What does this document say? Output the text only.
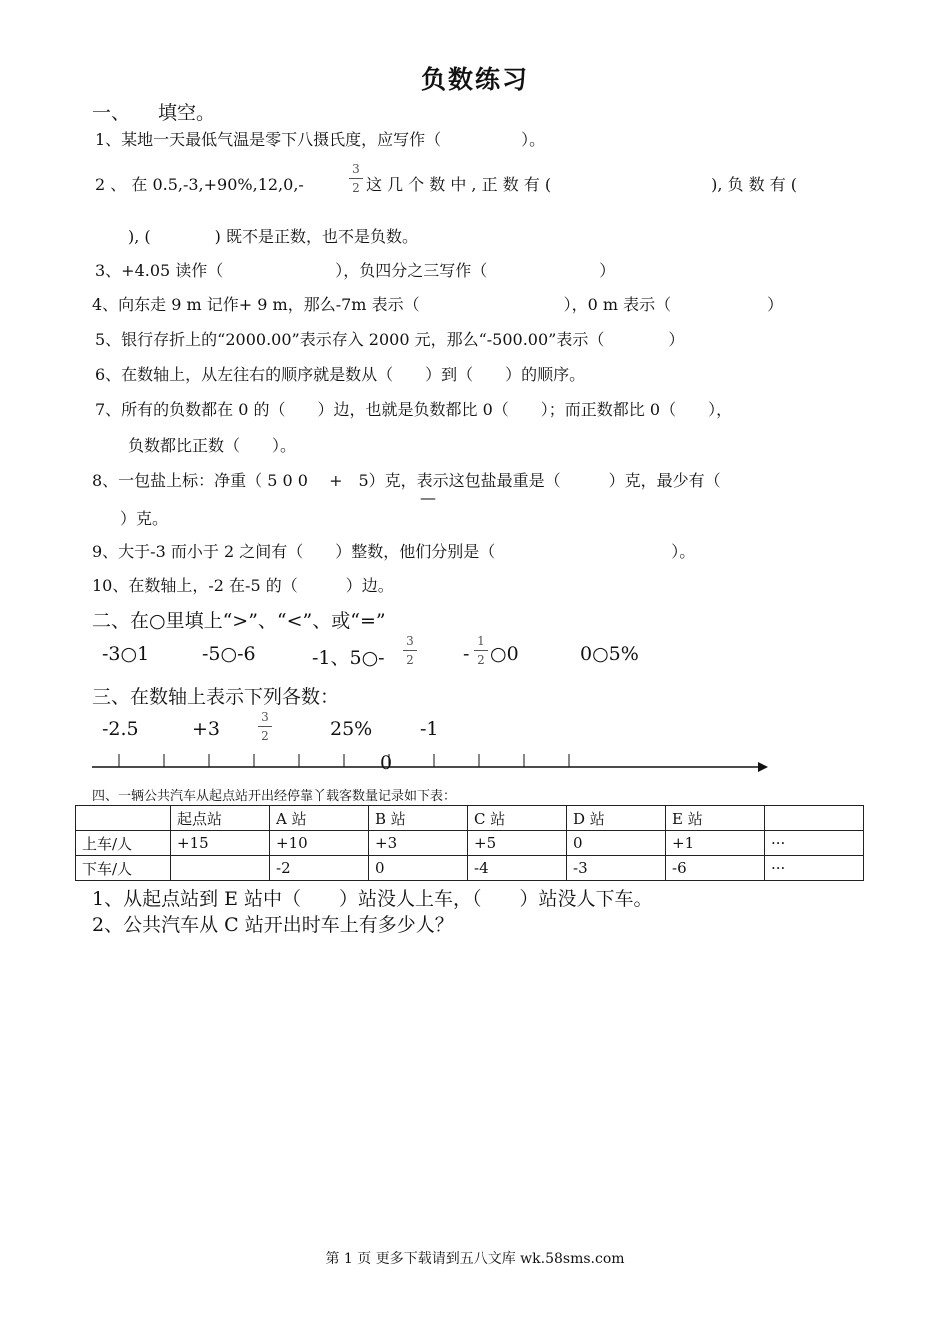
负数练习
一、 填空。
1、某地一天最低气温是零下八摄氏度，应写作（　　　　　）。
2 、 在 0.5,-3,+90%,12,0,-
3
2 这 几 个 数 中 , 正 数 有 (　　　　　　　　　　), 负 数 有 (
), (　　　　) 既不是正数，也不是负数。
3、+4.05 读作（　　　　　　　），负四分之三写作（　　　　　　　）
4、向东走 9 m 记作+ 9 m，那么-7m 表示（　　　　　　　　　），0 m 表示（　　　　　　）
5、银行存折上的“2000.00”表示存入 2000 元，那么“-500.00”表示（　　　　）
6、在数轴上，从左往右的顺序就是数从（　　）到（　　）的顺序。
7、所有的负数都在 0 的（　　）边，也就是负数都比 0（　　）；而正数都比 0（　　），
负数都比正数（　　）。
8、一包盐上标：净重（ 5 0 0　 +　5）克，表示这包盐最重是（　　　）克，最少有（
—
）克。
9、大于-3 而小于 2 之间有（　　）整数，他们分别是（　　　　　　　　　　　）。
10、在数轴上，-2 在-5 的（　　　）边。
二、在○里填上“>”、“<”、或“=”
-3○1	-5○-6	-1、5○-
3
2	-
1
2 ○0	0○5%
三、在数轴上表示下列各数：
-2.5	+3
3
2	25%	-1
0
四、一辆公共汽车从起点站开出经停靠丫载客数量记录如下表：
	起点站	A 站	B 站	C 站	D 站	E 站	
上车/人	+15	+10	+3	+5	0	+1	···
下车/人		-2	0	-4	-3	-6	···
1、从起点站到 E 站中（　　）站没人上车，（　　）站没人下车。
2、公共汽车从 C 站开出时车上有多少人？
第 1 页 更多下载请到五八文库 wk.58sms.com
